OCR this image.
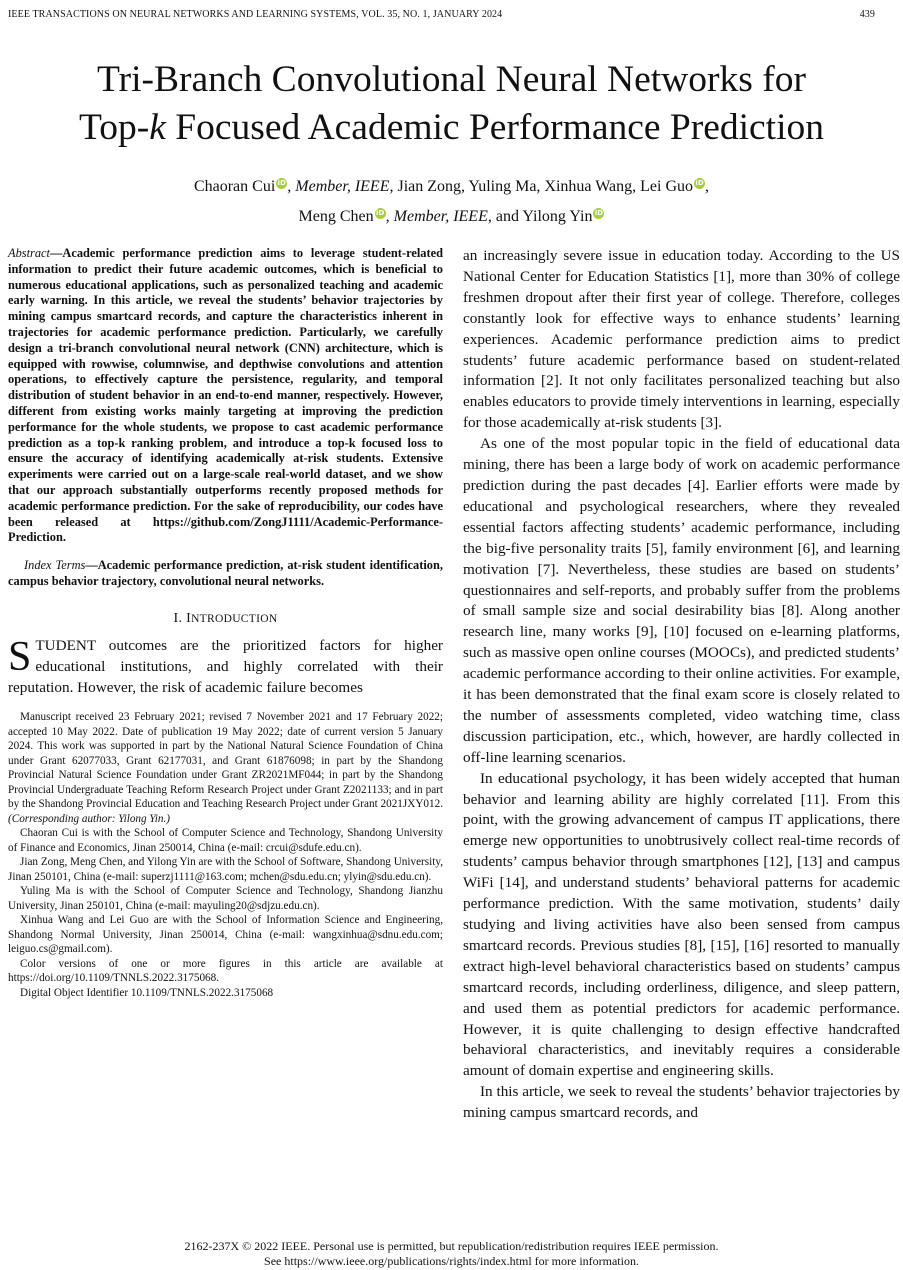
IEEE TRANSACTIONS ON NEURAL NETWORKS AND LEARNING SYSTEMS, VOL. 35, NO. 1, JANUARY 2024	439
Tri-Branch Convolutional Neural Networks for
Top-k Focused Academic Performance Prediction
Chaoran Cui iD, Member, IEEE, Jian Zong, Yuling Ma, Xinhua Wang, Lei Guo iD,
Meng Chen iD, Member, IEEE, and Yilong Yin iD

Abstract—Academic performance prediction aims to leverage student-related information to predict their future academic outcomes, which is beneficial to numerous educational applications, such as personalized teaching and academic early warning. In this article, we reveal the students’ behavior trajectories by mining campus smartcard records, and capture the characteristics inherent in trajectories for academic performance prediction. Particularly, we carefully design a tri-branch convolutional neural network (CNN) architecture, which is equipped with rowwise, columnwise, and depthwise convolutions and attention operations, to effectively capture the persistence, regularity, and temporal distribution of student behavior in an end-to-end manner, respectively. However, different from existing works mainly targeting at improving the prediction performance for the whole students, we propose to cast academic performance prediction as a top-k ranking problem, and introduce a top-k focused loss to ensure the accuracy of identifying academically at-risk students. Extensive experiments were carried out on a large-scale real-world dataset, and we show that our approach substantially outperforms recently proposed methods for academic performance prediction. For the sake of reproducibility, our codes have been released at https://github.com/ZongJ1111/Academic-Performance-Prediction.

Index Terms—Academic performance prediction, at-risk student identification, campus behavior trajectory, convolutional neural networks.

I. INTRODUCTION

STUDENT outcomes are the prioritized factors for higher educational institutions, and highly correlated with their reputation. However, the risk of academic failure becomes

Manuscript received 23 February 2021; revised 7 November 2021 and 17 February 2022; accepted 10 May 2022. Date of publication 19 May 2022; date of current version 5 January 2024. This work was supported in part by the National Natural Science Foundation of China under Grant 62077033, Grant 62177031, and Grant 61876098; in part by the Shandong Provincial Natural Science Foundation under Grant ZR2021MF044; in part by the Shandong Provincial Undergraduate Teaching Reform Research Project under Grant Z2021133; and in part by the Shandong Provincial Education and Teaching Research Project under Grant 2021JXY012. (Corresponding author: Yilong Yin.)

Chaoran Cui is with the School of Computer Science and Technology, Shandong University of Finance and Economics, Jinan 250014, China (e-mail: crcui@sdufe.edu.cn).

Jian Zong, Meng Chen, and Yilong Yin are with the School of Software, Shandong University, Jinan 250101, China (e-mail: superzj1111@163.com; mchen@sdu.edu.cn; ylyin@sdu.edu.cn).

Yuling Ma is with the School of Computer Science and Technology, Shandong Jianzhu University, Jinan 250101, China (e-mail: mayuling20@sdjzu.edu.cn).

Xinhua Wang and Lei Guo are with the School of Information Science and Engineering, Shandong Normal University, Jinan 250014, China (e-mail: wangxinhua@sdnu.edu.com; leiguo.cs@gmail.com).

Color versions of one or more figures in this article are available at https://doi.org/10.1109/TNNLS.2022.3175068.

Digital Object Identifier 10.1109/TNNLS.2022.3175068

an increasingly severe issue in education today. According to the US National Center for Education Statistics [1], more than 30% of college freshmen dropout after their first year of college. Therefore, colleges constantly look for effective ways to enhance students’ learning experiences. Academic performance prediction aims to predict students’ future academic performance based on student-related information [2]. It not only facilitates personalized teaching but also enables educators to provide timely interventions in learning, especially for those academically at-risk students [3].

As one of the most popular topic in the field of educational data mining, there has been a large body of work on academic performance prediction during the past decades [4]. Earlier efforts were made by educational and psychological researchers, where they revealed essential factors affecting students’ academic performance, including the big-five personality traits [5], family environment [6], and learning motivation [7]. Nevertheless, these studies are based on students’ questionnaires and self-reports, and probably suffer from the problems of small sample size and social desirability bias [8]. Along another research line, many works [9], [10] focused on e-learning platforms, such as massive open online courses (MOOCs), and predicted students’ academic performance according to their online activities. For example, it has been demonstrated that the final exam score is closely related to the number of assessments completed, video watching time, class discussion participation, etc., which, however, are hardly collected in off-line learning scenarios.

In educational psychology, it has been widely accepted that human behavior and learning ability are highly correlated [11]. From this point, with the growing advancement of campus IT applications, there emerge new opportunities to unobtrusively collect real-time records of students’ campus behavior through smartphones [12], [13] and campus WiFi [14], and understand students’ behavioral patterns for academic performance prediction. With the same motivation, students’ daily studying and living activities have also been sensed from campus smartcard records. Previous studies [8], [15], [16] resorted to manually extract high-level behavioral characteristics based on students’ campus smartcard records, including orderliness, diligence, and sleep pattern, and used them as potential predictors for academic performance. However, it is quite challenging to design effective handcrafted behavioral characteristics, and inevitably requires a considerable amount of domain expertise and engineering skills.

In this article, we seek to reveal the students’ behavior trajectories by mining campus smartcard records, and

2162-237X © 2022 IEEE. Personal use is permitted, but republication/redistribution requires IEEE permission.
See https://www.ieee.org/publications/rights/index.html for more information.
